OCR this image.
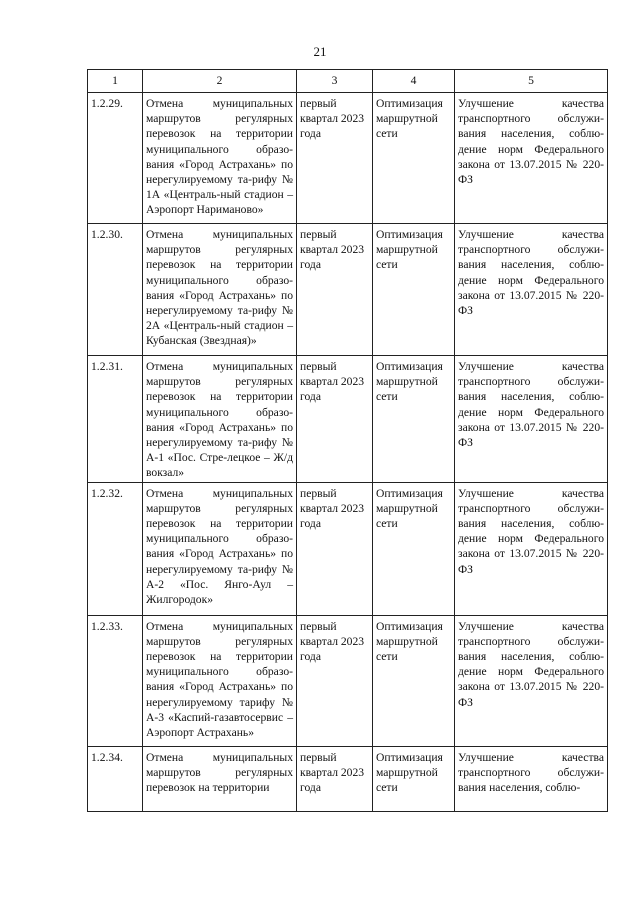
21
1	2	3	4	5
1.2.29.	Отмена муниципальных маршрутов регулярных перевозок на территории муниципального образо-вания «Город Астрахань» по нерегулируемому та-рифу № 1А «Централь-ный стадион – Аэропорт Нариманово»	первый квартал 2023 года	Оптимизация маршрутной сети	Улучшение качества транспортного обслужи-вания населения, соблю-дение норм Федерального закона от 13.07.2015 № 220-ФЗ
1.2.30.	Отмена муниципальных маршрутов регулярных перевозок на территории муниципального образо-вания «Город Астрахань» по нерегулируемому та-рифу № 2А «Централь-ный стадион – Кубанская (Звездная)»	первый квартал 2023 года	Оптимизация маршрутной сети	Улучшение качества транспортного обслужи-вания населения, соблю-дение норм Федерального закона от 13.07.2015 № 220-ФЗ
1.2.31.	Отмена муниципальных маршрутов регулярных перевозок на территории муниципального образо-вания «Город Астрахань» по нерегулируемому та-рифу № А-1 «Пос. Стре-лецкое – Ж/д вокзал»	первый квартал 2023 года	Оптимизация маршрутной сети	Улучшение качества транспортного обслужи-вания населения, соблю-дение норм Федерального закона от 13.07.2015 № 220-ФЗ
1.2.32.	Отмена муниципальных маршрутов регулярных перевозок на территории муниципального образо-вания «Город Астрахань» по нерегулируемому та-рифу № А-2 «Пос. Янго-Аул – Жилгородок»	первый квартал 2023 года	Оптимизация маршрутной сети	Улучшение качества транспортного обслужи-вания населения, соблю-дение норм Федерального закона от 13.07.2015 № 220-ФЗ
1.2.33.	Отмена муниципальных маршрутов регулярных перевозок на территории муниципального образо-вания «Город Астрахань» по нерегулируемому тарифу № А-3 «Каспий-газавтосервис – Аэропорт Астрахань»	первый квартал 2023 года	Оптимизация маршрутной сети	Улучшение качества транспортного обслужи-вания населения, соблю-дение норм Федерального закона от 13.07.2015 № 220-ФЗ
1.2.34.	Отмена муниципальных маршрутов регулярных перевозок на территории	первый квартал 2023 года	Оптимизация маршрутной сети	Улучшение качества транспортного обслужи-вания населения, соблю-
